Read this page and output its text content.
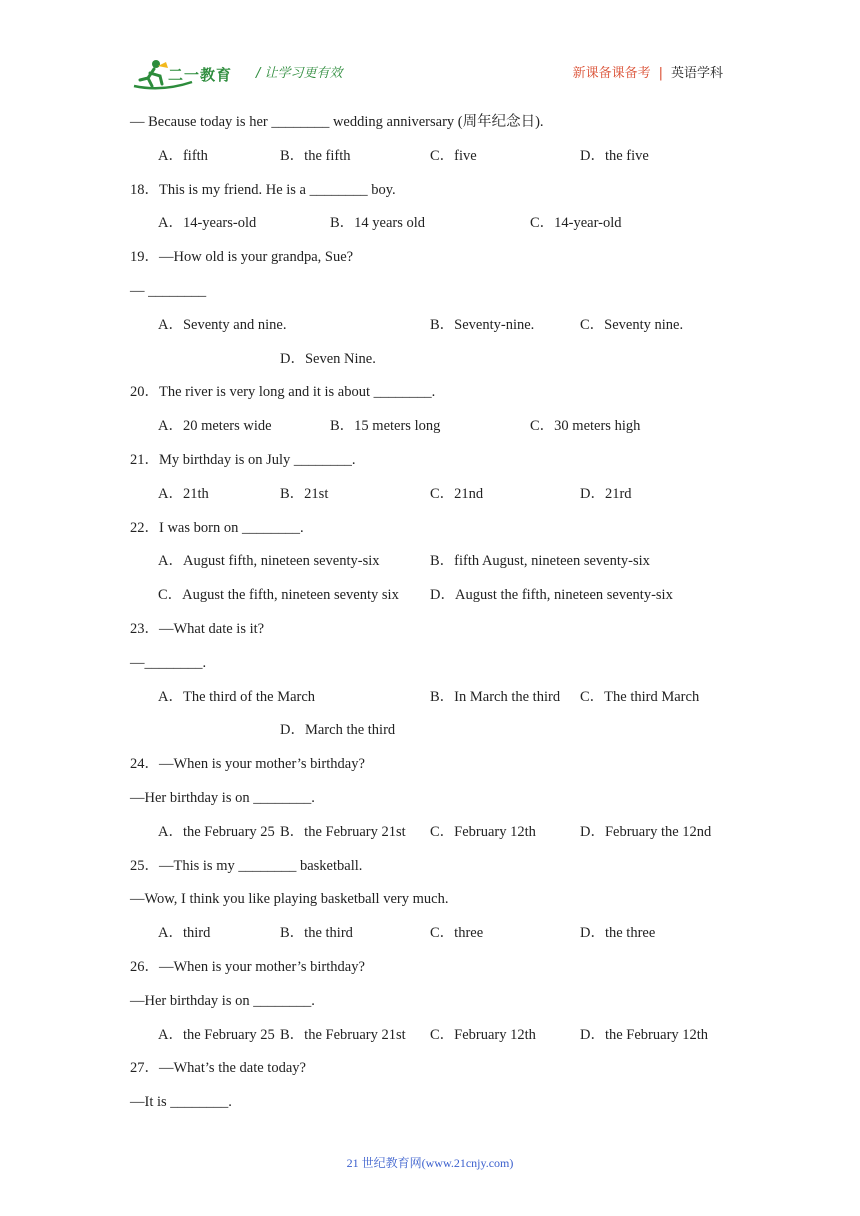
二一教育 / 让学习更有效	新课备课备考 | 英语学科
— Because today is her ________ wedding anniversary (周年纪念日).
A．fifth	B．the fifth	C．five	D．the five
18．This is my friend. He is a ________ boy.
A．14-years-old	B．14 years old	C．14-year-old
19．—How old is your grandpa, Sue?
— ________
A．Seventy and nine.	B．Seventy-nine.	C．Seventy nine.
D．Seven Nine.
20．The river is very long and it is about ________.
A．20 meters wide	B．15 meters long	C．30 meters high
21．My birthday is on July ________.
A．21th	B．21st	C．21nd	D．21rd
22．I was born on ________.
A．August fifth, nineteen seventy-six	B．fifth August, nineteen seventy-six
C．August the fifth, nineteen seventy six D．August the fifth, nineteen seventy-six
23．—What date is it?
—________.
A．The third of the March	B．In March the third C．The third March
D．March the third
24．—When is your mother’s birthday?
—Her birthday is on ________.
A．the February 25 B．the February 21st C．February 12th	D．February the 12nd
25．—This is my ________ basketball.
—Wow, I think you like playing basketball very much.
A．third	B．the third	C．three	D．the three
26．—When is your mother’s birthday?
—Her birthday is on ________.
A．the February 25 B．the February 21st C．February 12th	D．the February 12th
27．—What’s the date today?
—It is ________.
21 世纪教育网(www.21cnjy.com)
